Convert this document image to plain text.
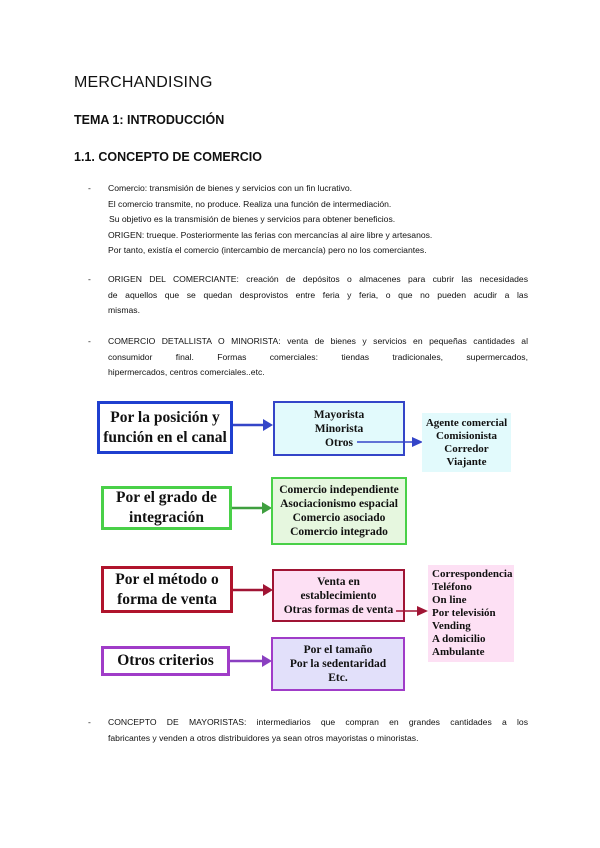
MERCHANDISING
TEMA 1: INTRODUCCIÓN
1.1. CONCEPTO DE COMERCIO
- Comercio: transmisión de bienes y servicios con un fin lucrativo.
El comercio transmite, no produce. Realiza una función de intermediación.
Su objetivo es la transmisión de bienes y servicios para obtener beneficios.
ORIGEN: trueque. Posteriormente las ferias con mercancías al aire libre y artesanos.
Por tanto, existía el comercio (intercambio de mercancía) pero no los comerciantes.
- ORIGEN DEL COMERCIANTE: creación de depósitos o almacenes para cubrir las necesidades
de aquellos que se quedan desprovistos entre feria y feria, o que no pueden acudir a las
mismas.
- COMERCIO DETALLISTA O MINORISTA: venta de bienes y servicios en pequeñas cantidades al
consumidor final. Formas comerciales: tiendas tradicionales, supermercados,
hipermercados, centros comerciales..etc.
Por la posición y
función en el canal
Mayorista
Minorista
Otros
Agente comercial
Comisionista
Corredor
Viajante
Por el grado de
integración
Comercio independiente
Asociacionismo espacial
Comercio asociado
Comercio integrado
Por el método o
forma de venta
Venta en
establecimiento
Otras formas de venta
Correspondencia
Teléfono
On line
Por televisión
Vending
A domicilio
Ambulante
Otros criterios
Por el tamaño
Por la sedentaridad
Etc.
- CONCEPTO DE MAYORISTAS: intermediarios que compran en grandes cantidades a los
fabricantes y venden a otros distribuidores ya sean otros mayoristas o minoristas.
